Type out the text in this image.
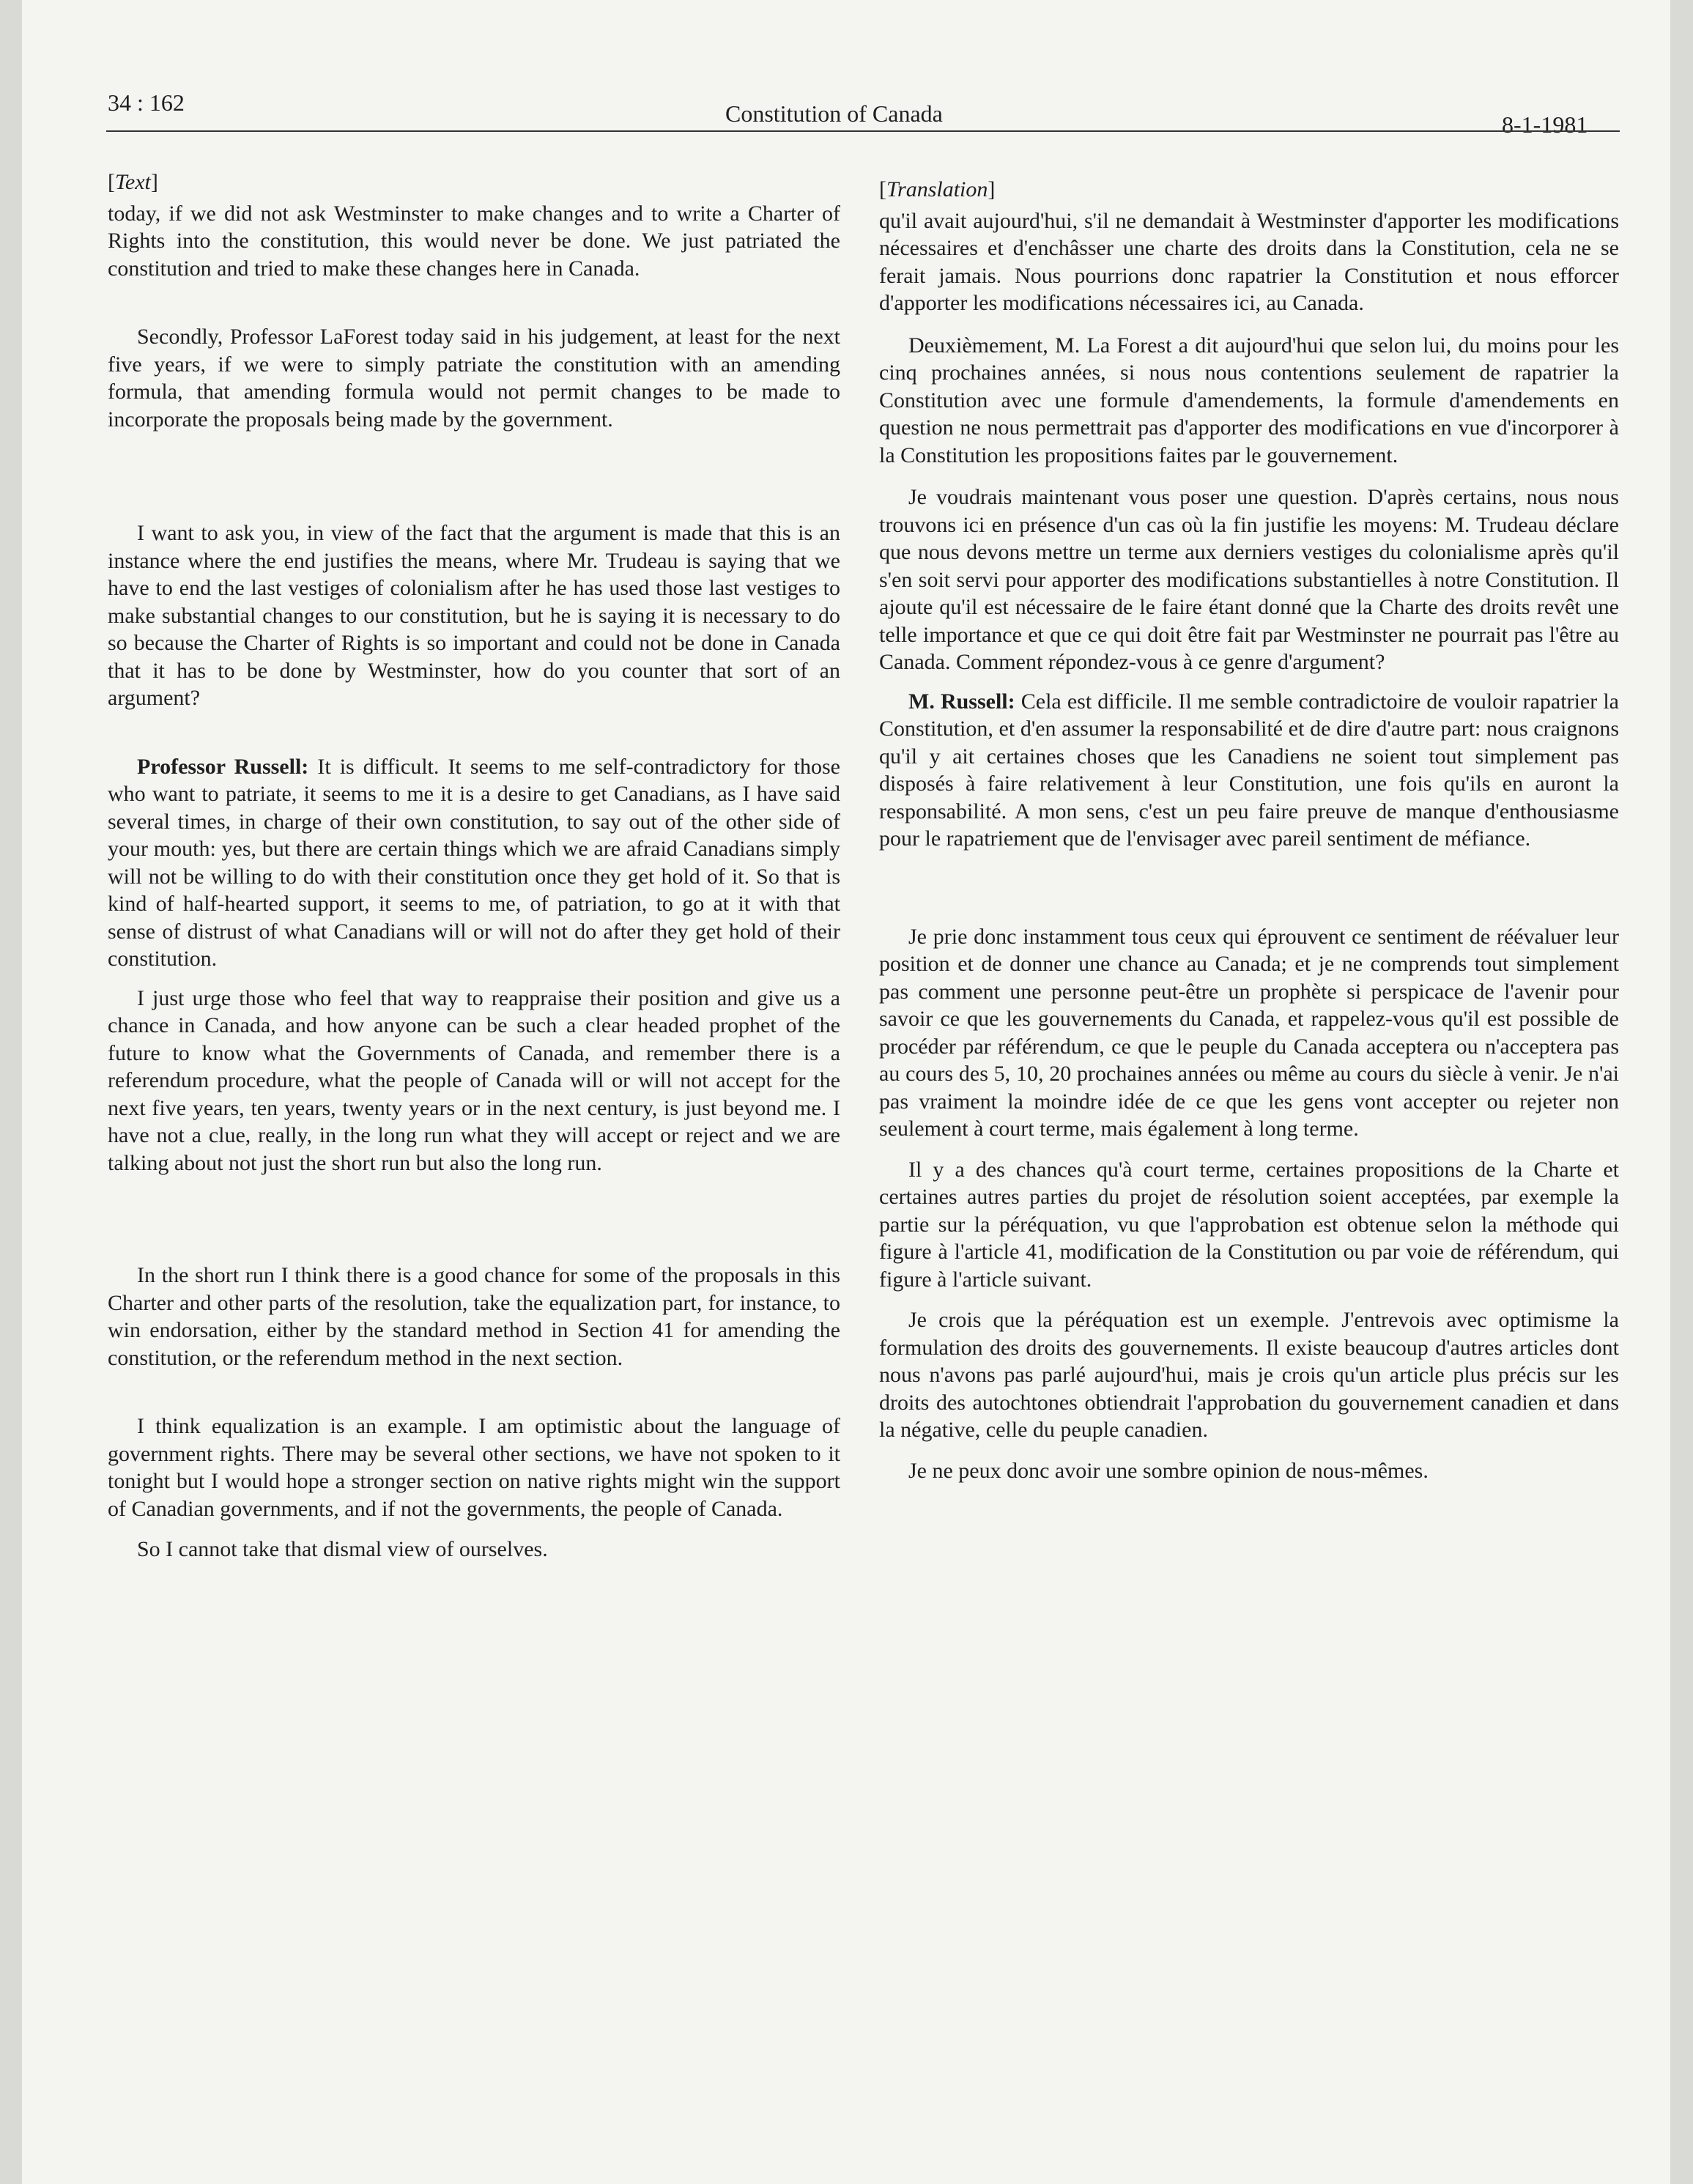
34 : 162	Constitution of Canada	8-1-1981
[Text]

today, if we did not ask Westminster to make changes and to write a Charter of Rights into the constitution, this would never be done. We just patriated the constitution and tried to make these changes here in Canada.

Secondly, Professor LaForest today said in his judgement, at least for the next five years, if we were to simply patriate the constitution with an amending formula, that amending formula would not permit changes to be made to incorporate the proposals being made by the government.

I want to ask you, in view of the fact that the argument is made that this is an instance where the end justifies the means, where Mr. Trudeau is saying that we have to end the last vestiges of colonialism after he has used those last vestiges to make substantial changes to our constitution, but he is saying it is necessary to do so because the Charter of Rights is so important and could not be done in Canada that it has to be done by Westminster, how do you counter that sort of an argument?

Professor Russell: It is difficult. It seems to me self-contradictory for those who want to patriate, it seems to me it is a desire to get Canadians, as I have said several times, in charge of their own constitution, to say out of the other side of your mouth: yes, but there are certain things which we are afraid Canadians simply will not be willing to do with their constitution once they get hold of it. So that is kind of half-hearted support, it seems to me, of patriation, to go at it with that sense of distrust of what Canadians will or will not do after they get hold of their constitution.

I just urge those who feel that way to reappraise their position and give us a chance in Canada, and how anyone can be such a clear headed prophet of the future to know what the Governments of Canada, and remember there is a referendum procedure, what the people of Canada will or will not accept for the next five years, ten years, twenty years or in the next century, is just beyond me. I have not a clue, really, in the long run what they will accept or reject and we are talking about not just the short run but also the long run.

In the short run I think there is a good chance for some of the proposals in this Charter and other parts of the resolution, take the equalization part, for instance, to win endorsation, either by the standard method in Section 41 for amending the constitution, or the referendum method in the next section.

I think equalization is an example. I am optimistic about the language of government rights. There may be several other sections, we have not spoken to it tonight but I would hope a stronger section on native rights might win the support of Canadian governments, and if not the governments, the people of Canada.

So I cannot take that dismal view of ourselves.

[Translation]

qu'il avait aujourd'hui, s'il ne demandait à Westminster d'apporter les modifications nécessaires et d'enchâsser une charte des droits dans la Constitution, cela ne se ferait jamais. Nous pourrions donc rapatrier la Constitution et nous efforcer d'apporter les modifications nécessaires ici, au Canada.

Deuxièmement, M. La Forest a dit aujourd'hui que selon lui, du moins pour les cinq prochaines années, si nous nous contentions seulement de rapatrier la Constitution avec une formule d'amendements, la formule d'amendements en question ne nous permettrait pas d'apporter des modifications en vue d'incorporer à la Constitution les propositions faites par le gouvernement.

Je voudrais maintenant vous poser une question. D'après certains, nous nous trouvons ici en présence d'un cas où la fin justifie les moyens: M. Trudeau déclare que nous devons mettre un terme aux derniers vestiges du colonialisme après qu'il s'en soit servi pour apporter des modifications substantielles à notre Constitution. Il ajoute qu'il est nécessaire de le faire étant donné que la Charte des droits revêt une telle importance et que ce qui doit être fait par Westminster ne pourrait pas l'être au Canada. Comment répondez-vous à ce genre d'argument?

M. Russell: Cela est difficile. Il me semble contradictoire de vouloir rapatrier la Constitution, et d'en assumer la responsabilité et de dire d'autre part: nous craignons qu'il y ait certaines choses que les Canadiens ne soient tout simplement pas disposés à faire relativement à leur Constitution, une fois qu'ils en auront la responsabilité. A mon sens, c'est un peu faire preuve de manque d'enthousiasme pour le rapatriement que de l'envisager avec pareil sentiment de méfiance.

Je prie donc instamment tous ceux qui éprouvent ce sentiment de réévaluer leur position et de donner une chance au Canada; et je ne comprends tout simplement pas comment une personne peut-être un prophète si perspicace de l'avenir pour savoir ce que les gouvernements du Canada, et rappelez-vous qu'il est possible de procéder par référendum, ce que le peuple du Canada acceptera ou n'acceptera pas au cours des 5, 10, 20 prochaines années ou même au cours du siècle à venir. Je n'ai pas vraiment la moindre idée de ce que les gens vont accepter ou rejeter non seulement à court terme, mais également à long terme.

Il y a des chances qu'à court terme, certaines propositions de la Charte et certaines autres parties du projet de résolution soient acceptées, par exemple la partie sur la péréquation, vu que l'approbation est obtenue selon la méthode qui figure à l'article 41, modification de la Constitution ou par voie de référendum, qui figure à l'article suivant.

Je crois que la péréquation est un exemple. J'entrevois avec optimisme la formulation des droits des gouvernements. Il existe beaucoup d'autres articles dont nous n'avons pas parlé aujourd'hui, mais je crois qu'un article plus précis sur les droits des autochtones obtiendrait l'approbation du gouvernement canadien et dans la négative, celle du peuple canadien.

Je ne peux donc avoir une sombre opinion de nous-mêmes.
